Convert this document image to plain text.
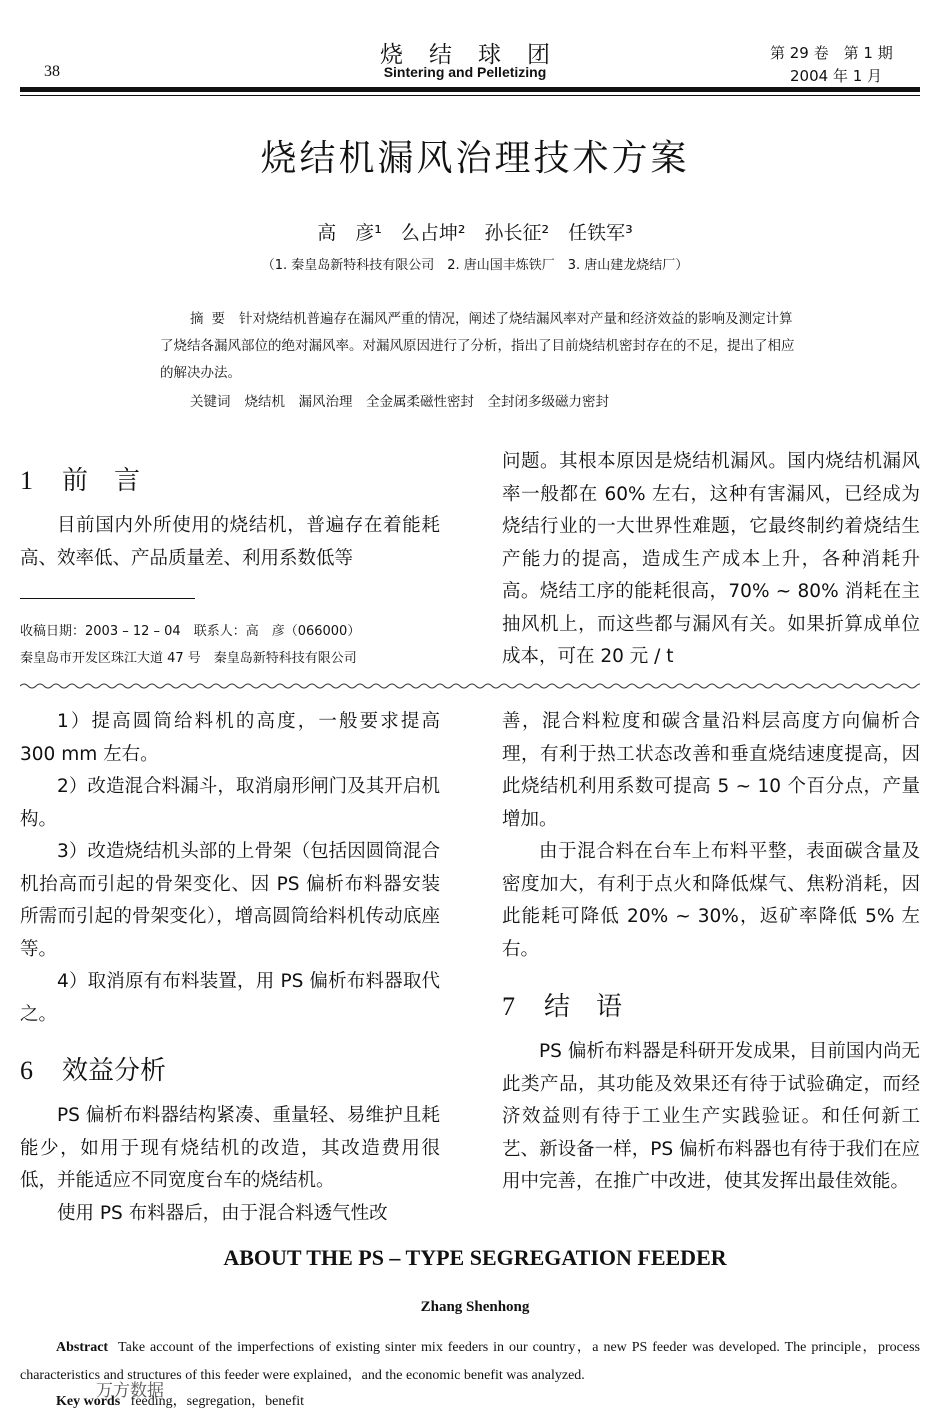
38
烧结球团
Sintering and Pelletizing
第 29 卷　第 1 期
2004 年 1 月
烧结机漏风治理技术方案
高　彦¹　么占坤²　孙长征²　任铁军³
（1. 秦皇岛新特科技有限公司　2. 唐山国丰炼铁厂　3. 唐山建龙烧结厂）
摘要 针对烧结机普遍存在漏风严重的情况，阐述了烧结漏风率对产量和经济效益的影响及测定计算了烧结各漏风部位的绝对漏风率。对漏风原因进行了分析，指出了目前烧结机密封存在的不足，提出了相应的解决办法。
关键词 烧结机　漏风治理　全金属柔磁性密封　全封闭多级磁力密封
1 前　言

目前国内外所使用的烧结机，普遍存在着能耗高、效率低、产品质量差、利用系数低等

问题。其根本原因是烧结机漏风。国内烧结机漏风率一般都在 60% 左右，这种有害漏风，已经成为烧结行业的一大世界性难题，它最终制约着烧结生产能力的提高，造成生产成本上升，各种消耗升高。烧结工序的能耗很高，70% ~ 80% 消耗在主抽风机上，而这些都与漏风有关。如果折算成单位成本，可在 20 元 / t

收稿日期：2003 – 12 – 04　联系人：高　彦（066000）
秦皇岛市开发区珠江大道 47 号　秦皇岛新特科技有限公司

1）提高圆筒给料机的高度，一般要求提高 300 mm 左右。

2）改造混合料漏斗，取消扇形闸门及其开启机构。

3）改造烧结机头部的上骨架（包括因圆筒混合机抬高而引起的骨架变化、因 PS 偏析布料器安装所需而引起的骨架变化），增高圆筒给料机传动底座等。

4）取消原有布料装置，用 PS 偏析布料器取代之。

6 效益分析

PS 偏析布料器结构紧凑、重量轻、易维护且耗能少，如用于现有烧结机的改造，其改造费用很低，并能适应不同宽度台车的烧结机。

使用 PS 布料器后，由于混合料透气性改

善，混合料粒度和碳含量沿料层高度方向偏析合理，有利于热工状态改善和垂直烧结速度提高，因此烧结机利用系数可提高 5 ~ 10 个百分点，产量增加。

由于混合料在台车上布料平整，表面碳含量及密度加大，有利于点火和降低煤气、焦粉消耗，因此能耗可降低 20% ~ 30%，返矿率降低 5% 左右。

7 结　语

PS 偏析布料器是科研开发成果，目前国内尚无此类产品，其功能及效果还有待于试验确定，而经济效益则有待于工业生产实践验证。和任何新工艺、新设备一样，PS 偏析布料器也有待于我们在应用中完善，在推广中改进，使其发挥出最佳效能。

ABOUT THE PS – TYPE SEGREGATION FEEDER
Zhang Shenhong
Abstract Take account of the imperfections of existing sinter mix feeders in our country，a new PS feeder was developed. The principle，process characteristics and structures of this feeder were explained，and the economic benefit was analyzed.
Key words feeding，segregation，benefit
万方数据
